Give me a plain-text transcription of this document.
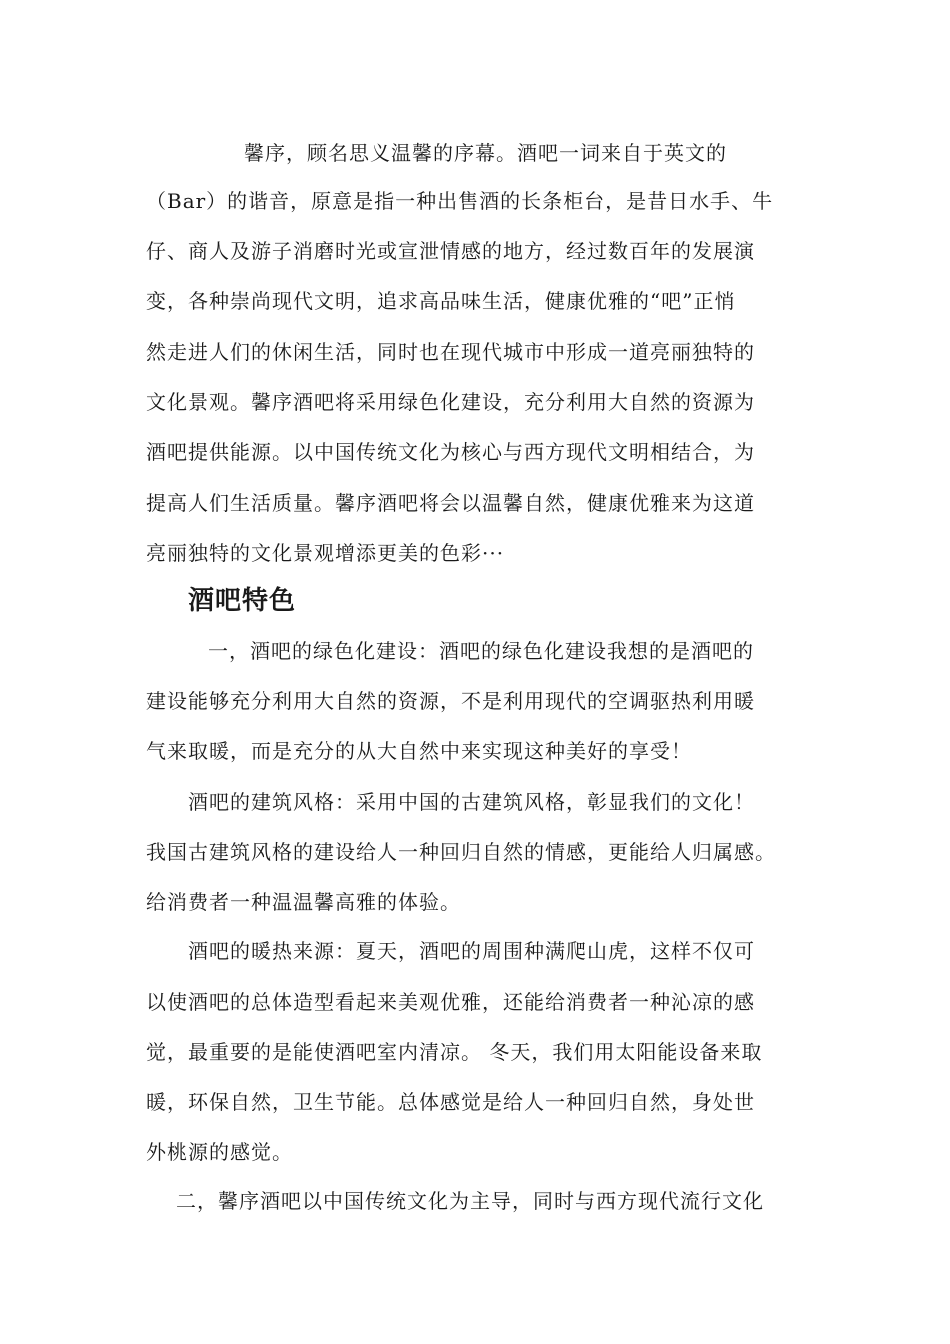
馨序，顾名思义温馨的序幕。酒吧一词来自于英文的
（Bar）的谐音，原意是指一种出售酒的长条柜台，是昔日水手、牛
仔、商人及游子消磨时光或宣泄情感的地方，经过数百年的发展演
变，各种崇尚现代文明，追求高品味生活，健康优雅的“吧”正悄
然走进人们的休闲生活，同时也在现代城市中形成一道亮丽独特的
文化景观。馨序酒吧将采用绿色化建设，充分利用大自然的资源为
酒吧提供能源。以中国传统文化为核心与西方现代文明相结合，为
提高人们生活质量。馨序酒吧将会以温馨自然，健康优雅来为这道
亮丽独特的文化景观增添更美的色彩···
酒吧特色
一，酒吧的绿色化建设：酒吧的绿色化建设我想的是酒吧的
建设能够充分利用大自然的资源，不是利用现代的空调驱热利用暖
气来取暖，而是充分的从大自然中来实现这种美好的享受！
酒吧的建筑风格：采用中国的古建筑风格，彰显我们的文化！
我国古建筑风格的建设给人一种回归自然的情感，更能给人归属感。
给消费者一种温温馨高雅的体验。
酒吧的暖热来源：夏天，酒吧的周围种满爬山虎，这样不仅可
以使酒吧的总体造型看起来美观优雅，还能给消费者一种沁凉的感
觉，最重要的是能使酒吧室内清凉。 冬天，我们用太阳能设备来取
暖，环保自然，卫生节能。总体感觉是给人一种回归自然，身处世
外桃源的感觉。
二，馨序酒吧以中国传统文化为主导，同时与西方现代流行文化
